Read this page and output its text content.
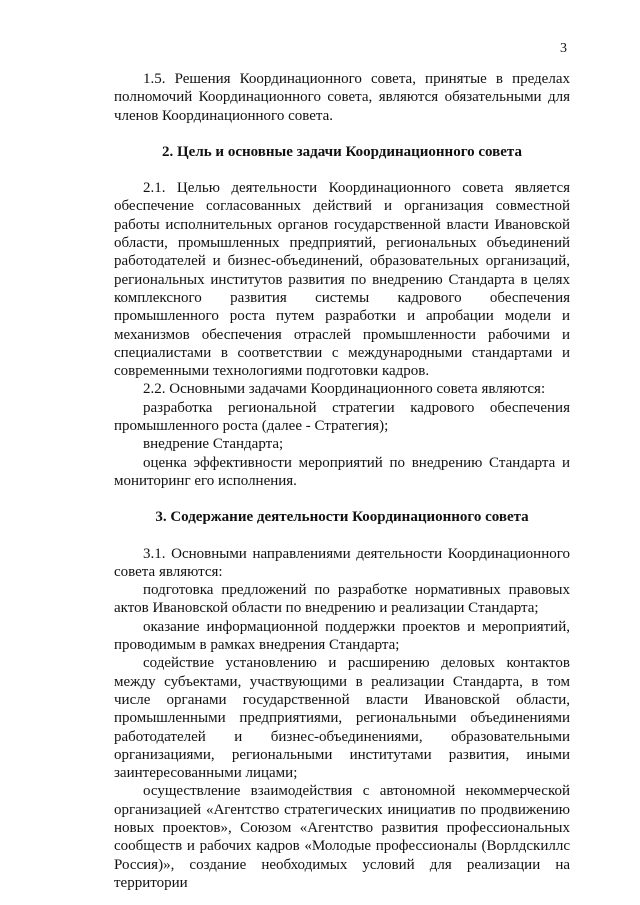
3

1.5. Решения Координационного совета, принятые в пределах полномочий Координационного совета, являются обязательными для членов Координационного совета.

2. Цель и основные задачи Координационного совета

2.1. Целью деятельности Координационного совета является обеспечение согласованных действий и организация совместной работы исполнительных органов государственной власти Ивановской области, промышленных предприятий, региональных объединений работодателей и бизнес-объединений, образовательных организаций, региональных институтов развития по внедрению Стандарта в целях комплексного развития системы кадрового обеспечения промышленного роста путем разработки и апробации модели и механизмов обеспечения отраслей промышленности рабочими и специалистами в соответствии с международными стандартами и современными технологиями подготовки кадров.

2.2. Основными задачами Координационного совета являются:

разработка региональной стратегии кадрового обеспечения промышленного роста (далее - Стратегия);

внедрение Стандарта;

оценка эффективности мероприятий по внедрению Стандарта и мониторинг его исполнения.

3. Содержание деятельности Координационного совета

3.1. Основными направлениями деятельности Координационного совета являются:

подготовка предложений по разработке нормативных правовых актов Ивановской области по внедрению и реализации Стандарта;

оказание информационной поддержки проектов и мероприятий, проводимым в рамках внедрения Стандарта;

содействие установлению и расширению деловых контактов между субъектами, участвующими в реализации Стандарта, в том числе органами государственной власти Ивановской области, промышленными предприятиями, региональными объединениями работодателей и бизнес-объединениями, образовательными организациями, региональными институтами развития, иными заинтересованными лицами;

осуществление взаимодействия с автономной некоммерческой организацией «Агентство стратегических инициатив по продвижению новых проектов», Союзом «Агентство развития профессиональных сообществ и рабочих кадров «Молодые профессионалы (Ворлдскиллс Россия)», создание необходимых условий для реализации на территории
